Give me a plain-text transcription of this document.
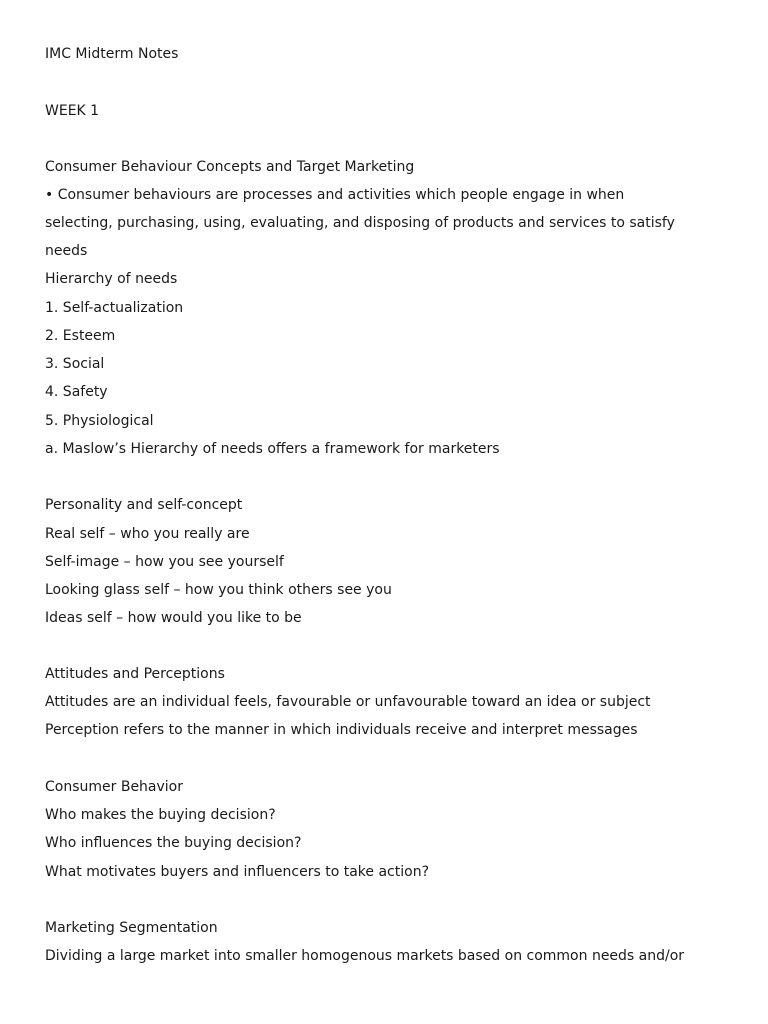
IMC Midterm Notes
WEEK 1
Consumer Behaviour Concepts and Target Marketing
• Consumer behaviours are processes and activities which people engage in when
selecting, purchasing, using, evaluating, and disposing of products and services to satisfy
needs
Hierarchy of needs
1. Self-actualization
2. Esteem
3. Social
4. Safety
5. Physiological
a. Maslow’s Hierarchy of needs offers a framework for marketers
Personality and self-concept
Real self – who you really are
Self-image – how you see yourself
Looking glass self – how you think others see you
Ideas self – how would you like to be
Attitudes and Perceptions
Attitudes are an individual feels, favourable or unfavourable toward an idea or subject
Perception refers to the manner in which individuals receive and interpret messages
Consumer Behavior
Who makes the buying decision?
Who influences the buying decision?
What motivates buyers and influencers to take action?
Marketing Segmentation
Dividing a large market into smaller homogenous markets based on common needs and/or
